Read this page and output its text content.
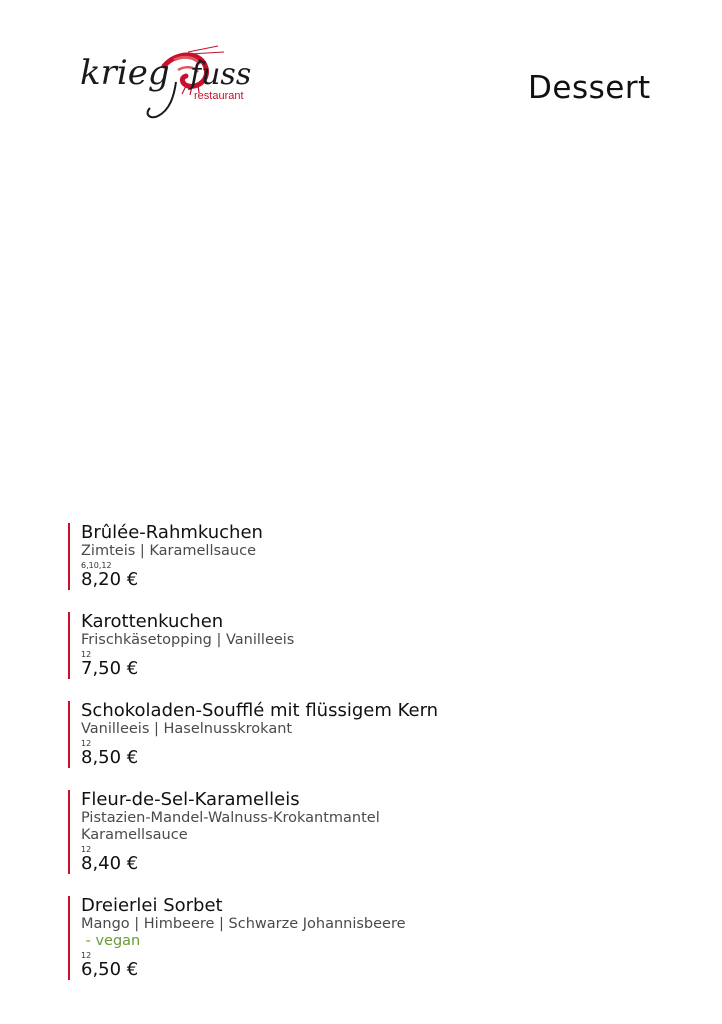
krieg fuss
restaurant	Dessert
Brûlée-Rahmkuchen
Zimteis | Karamellsauce
6,10,12
8,20 €
Karottenkuchen
Frischkäsetopping | Vanilleeis
12
7,50 €
Schokoladen-Soufflé mit flüssigem Kern
Vanilleeis | Haselnusskrokant
12
8,50 €
Fleur-de-Sel-Karamelleis
Pistazien-Mandel-Walnuss-Krokantmantel
Karamellsauce
12
8,40 €
Dreierlei Sorbet
Mango | Himbeere | Schwarze Johannisbeere
- vegan
12
6,50 €
